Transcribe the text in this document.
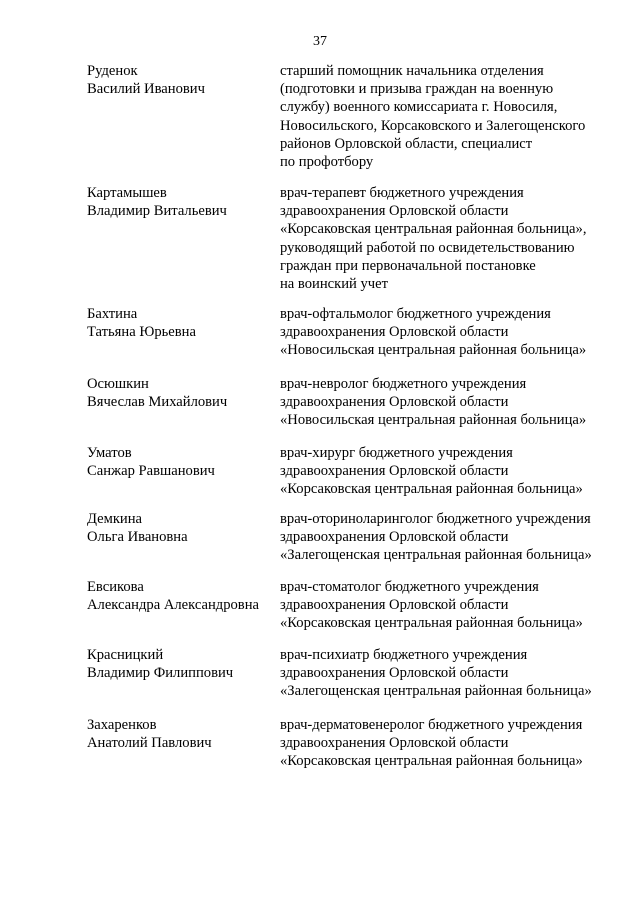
37
Руденок
Василий Иванович
старший помощник начальника отделения
(подготовки и призыва граждан на военную
службу) военного комиссариата г. Новосиля,
Новосильского, Корсаковского и Залегощенского
районов Орловской области, специалист
по профотбору
Картамышев
Владимир Витальевич
врач-терапевт бюджетного учреждения
здравоохранения Орловской области
«Корсаковская центральная районная больница»,
руководящий работой по освидетельствованию
граждан при первоначальной постановке
на воинский учет
Бахтина
Татьяна Юрьевна
врач-офтальмолог бюджетного учреждения
здравоохранения Орловской области
«Новосильская центральная районная больница»
Осюшкин
Вячеслав Михайлович
врач-невролог бюджетного учреждения
здравоохранения Орловской области
«Новосильская центральная районная больница»
Уматов
Санжар Равшанович
врач-хирург бюджетного учреждения
здравоохранения Орловской области
«Корсаковская центральная районная больница»
Демкина
Ольга Ивановна
врач-оториноларинголог бюджетного учреждения
здравоохранения Орловской области
«Залегощенская центральная районная больница»
Евсикова
Александра Александровна
врач-стоматолог бюджетного учреждения
здравоохранения Орловской области
«Корсаковская центральная районная больница»
Красницкий
Владимир Филиппович
врач-психиатр бюджетного учреждения
здравоохранения Орловской области
«Залегощенская центральная районная больница»
Захаренков
Анатолий Павлович
врач-дерматовенеролог бюджетного учреждения
здравоохранения Орловской области
«Корсаковская центральная районная больница»
